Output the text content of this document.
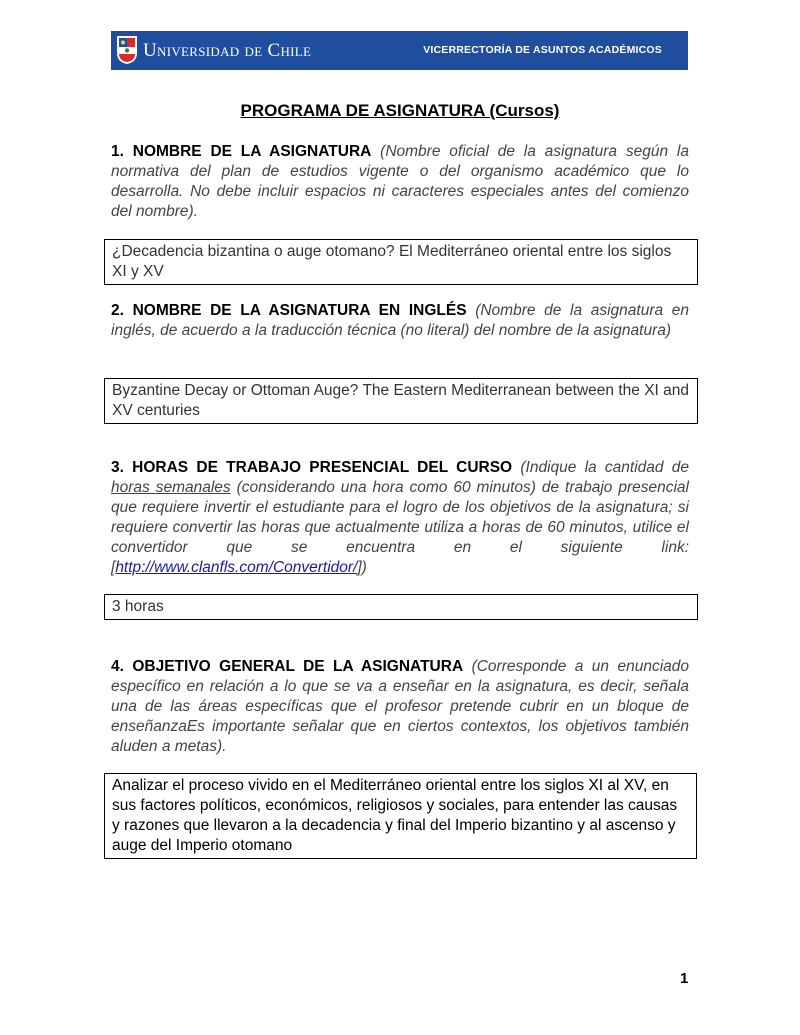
Universidad de Chile	VICERRECTORÍA DE ASUNTOS ACADÉMICOS
PROGRAMA DE ASIGNATURA (Cursos)
1. NOMBRE DE LA ASIGNATURA (Nombre oficial de la asignatura según la normativa del plan de estudios vigente o del organismo académico que lo desarrolla. No debe incluir espacios ni caracteres especiales antes del comienzo del nombre).
¿Decadencia bizantina o auge otomano? El Mediterráneo oriental entre los siglos XI y XV
2. NOMBRE DE LA ASIGNATURA EN INGLÉS (Nombre de la asignatura en inglés, de acuerdo a la traducción técnica (no literal) del nombre de la asignatura)
Byzantine Decay or Ottoman Auge? The Eastern Mediterranean between the XI and XV centuries
3. HORAS DE TRABAJO PRESENCIAL DEL CURSO (Indique la cantidad de horas semanales (considerando una hora como 60 minutos) de trabajo presencial que requiere invertir el estudiante para el logro de los objetivos de la asignatura; si requiere convertir las horas que actualmente utiliza a horas de 60 minutos, utilice el convertidor que se encuentra en el siguiente link: [http://www.clanfls.com/Convertidor/])
3 horas
4. OBJETIVO GENERAL DE LA ASIGNATURA (Corresponde a un enunciado específico en relación a lo que se va a enseñar en la asignatura, es decir, señala una de las áreas específicas que el profesor pretende cubrir en un bloque de enseñanzaEs importante señalar que en ciertos contextos, los objetivos también aluden a metas).
Analizar el proceso vivido en el Mediterráneo oriental entre los siglos XI al XV, en sus factores políticos, económicos, religiosos y sociales, para entender las causas y razones que llevaron a la decadencia y final del Imperio bizantino y al ascenso y auge del Imperio otomano
1
